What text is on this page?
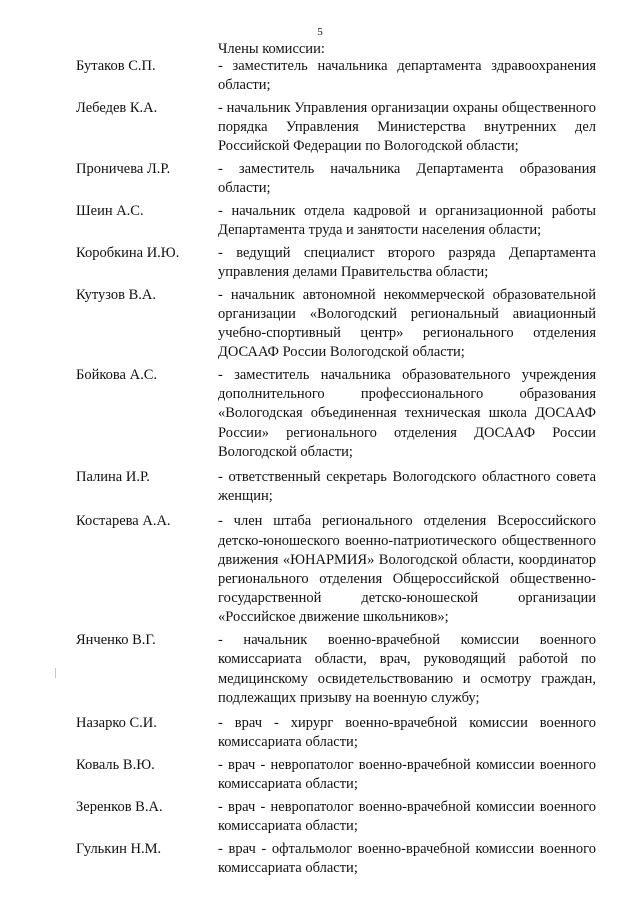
5
Члены комиссии:
Бутаков С.П.	- заместитель начальника департамента здравоохранения области;
Лебедев К.А.	- начальник Управления организации охраны общественного порядка Управления Министерства внутренних дел Российской Федерации по Вологодской области;
Проничева Л.Р.	- заместитель начальника Департамента образования области;
Шеин А.С.	- начальник отдела кадровой и организационной работы Департамента труда и занятости населения области;
Коробкина И.Ю.	- ведущий специалист второго разряда Департамента управления делами Правительства области;
Кутузов В.А.	- начальник автономной некоммерческой образовательной организации «Вологодский региональный авиационный учебно-спортивный центр» регионального отделения ДОСААФ России Вологодской области;
Бойкова А.С.	- заместитель начальника образовательного учреждения дополнительного профессионального образования «Вологодская объединенная техническая школа ДОСААФ России» регионального отделения ДОСААФ России Вологодской области;
Палина И.Р.	- ответственный секретарь Вологодского областного совета женщин;
Костарева А.А.	- член штаба регионального отделения Всероссийского детско-юношеского военно-патриотического общественного движения «ЮНАРМИЯ» Вологодской области, координатор регионального отделения Общероссийской общественно-государственной детско-юношеской организации «Российское движение школьников»;
Янченко В.Г.	- начальник военно-врачебной комиссии военного комиссариата области, врач, руководящий работой по медицинскому освидетельствованию и осмотру граждан, подлежащих призыву на военную службу;
Назарко С.И.	- врач - хирург военно-врачебной комиссии военного комиссариата области;
Коваль В.Ю.	- врач - невропатолог военно-врачебной комиссии военного комиссариата области;
Зеренков В.А.	- врач - невропатолог военно-врачебной комиссии военного комиссариата области;
Гулькин Н.М.	- врач - офтальмолог военно-врачебной комиссии военного комиссариата области;
